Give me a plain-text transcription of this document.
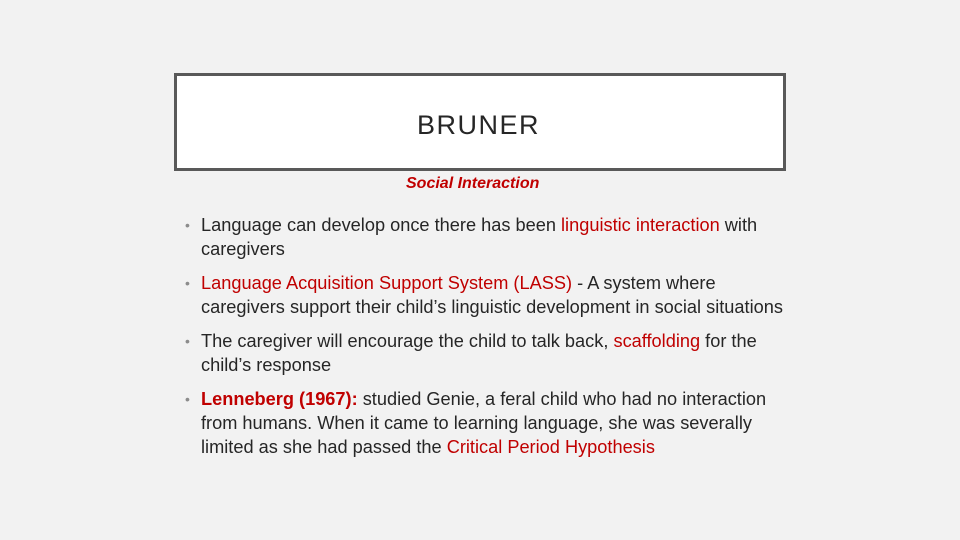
BRUNER
Social Interaction
• Language can develop once there has been linguistic interaction with caregivers
• Language Acquisition Support System (LASS) - A system where caregivers support their child’s linguistic development in social situations
• The caregiver will encourage the child to talk back, scaffolding for the child’s response
• Lenneberg (1967): studied Genie, a feral child who had no interaction from humans. When it came to learning language, she was severally limited as she had passed the Critical Period Hypothesis
